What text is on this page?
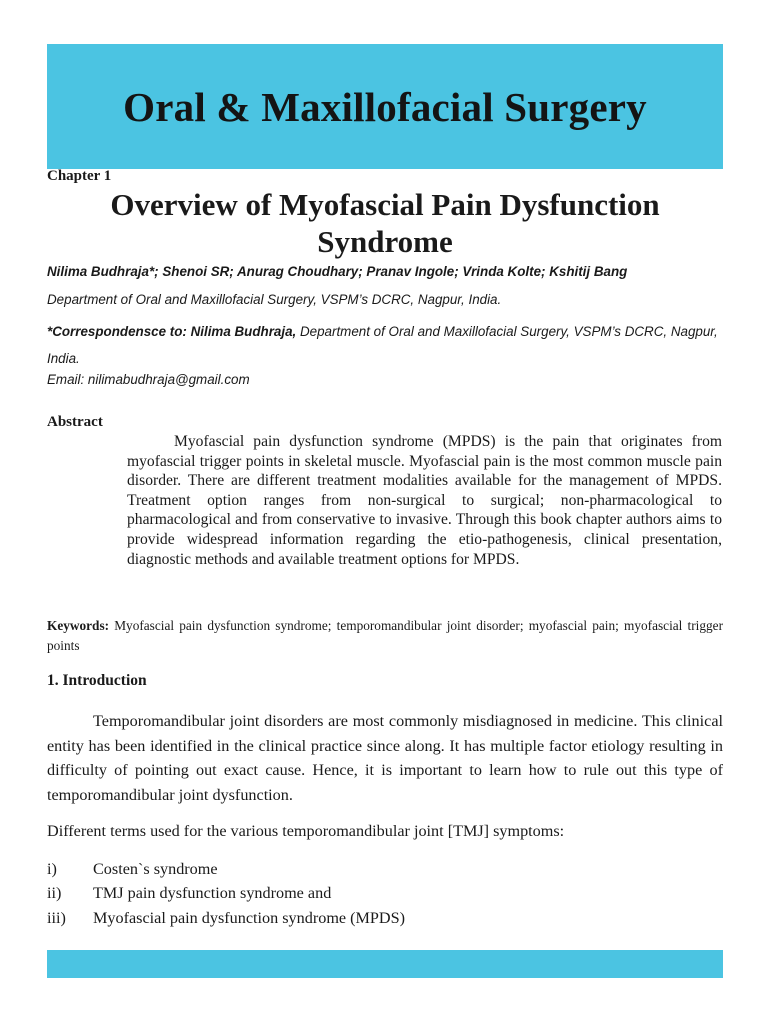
Oral & Maxillofacial Surgery
Chapter 1
Overview of Myofascial Pain Dysfunction Syndrome
Nilima Budhraja*; Shenoi SR; Anurag Choudhary; Pranav Ingole; Vrinda Kolte; Kshitij Bang
Department of Oral and Maxillofacial Surgery, VSPM’s DCRC, Nagpur, India.
*Correspondensce to: Nilima Budhraja, Department of Oral and Maxillofacial Surgery, VSPM’s DCRC, Nagpur, India.
Email: nilimabudhraja@gmail.com
Abstract
Myofascial pain dysfunction syndrome (MPDS) is the pain that originates from myofascial trigger points in skeletal muscle. Myofascial pain is the most common muscle pain disorder. There are different treatment modalities available for the management of MPDS. Treatment option ranges from non-surgical to surgical; non-pharmacological to pharmacological and from conservative to invasive. Through this book chapter authors aims to provide widespread information regarding the etio-pathogenesis, clinical presentation, diagnostic methods and available treatment options for MPDS.
Keywords: Myofascial pain dysfunction syndrome; temporomandibular joint disorder; myofascial pain; myofascial trigger points
1. Introduction
Temporomandibular joint disorders are most commonly misdiagnosed in medicine. This clinical entity has been identified in the clinical practice since along. It has multiple factor etiology resulting in difficulty of pointing out exact cause. Hence, it is important to learn how to rule out this type of temporomandibular joint dysfunction.
Different terms used for the various temporomandibular joint [TMJ] symptoms:
i)	Costen`s syndrome
ii)	TMJ pain dysfunction syndrome and
iii)	Myofascial pain dysfunction syndrome (MPDS)
